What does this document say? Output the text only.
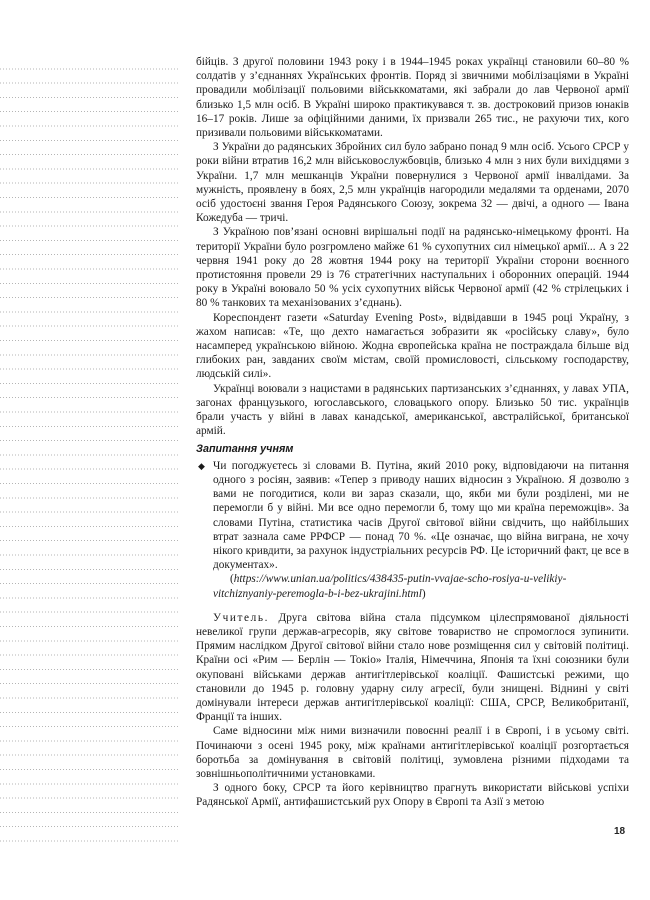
бійців. З другої половини 1943 року і в 1944–1945 роках українці становили 60–80 % солдатів у з’єднаннях Українських фронтів. Поряд зі звичними мобілізаціями в Україні провадили мобілізації польовими військкоматами, які забрали до лав Червоної армії близько 1,5 млн осіб. В Україні широко практикувався т. зв. достроковий призов юнаків 16–17 років. Лише за офіційними даними, їх призвали 265 тис., не рахуючи тих, кого призивали польовими військкоматами.

З України до радянських Збройних сил було забрано понад 9 млн осіб. Усього СРСР у роки війни втратив 16,2 млн військовослужбовців, близько 4 млн з них були вихідцями з України. 1,7 млн мешканців України повернулися з Червоної армії інвалідами. За мужність, проявлену в боях, 2,5 млн українців нагородили медалями та орденами, 2070 осіб удостоєні звання Героя Радянського Союзу, зокрема 32 — двічі, а одного — Івана Кожедуба — тричі.

З Україною пов’язані основні вирішальні події на радянсько-німецькому фронті. На території України було розгромлено майже 61 % сухопутних сил німецької армії... А з 22 червня 1941 року до 28 жовтня 1944 року на території України сторони воєнного протистояння провели 29 із 76 стратегічних наступальних і оборонних операцій. 1944 року в Україні воювало 50 % усіх сухопутних військ Червоної армії (42 % стрілецьких і 80 % танкових та механізованих з’єднань).

Кореспондент газети «Saturday Evening Post», відвідавши в 1945 році Україну, з жахом написав: «Те, що дехто намагається зобразити як «російську славу», було насамперед українською війною. Жодна європейська країна не постраждала більше від глибоких ран, завданих своїм містам, своїй промисловості, сільському господарству, людській силі».

Українці воювали з нацистами в радянських партизанських з’єднаннях, у лавах УПА, загонах французького, югославського, словацького опору. Близько 50 тис. українців брали участь у війні в лавах канадської, американської, австралійської, британської армій.

Запитання учням

◆ Чи погоджуєтесь зі словами В. Путіна, який 2010 року, відповідаючи на питання одного з росіян, заявив: «Тепер з приводу наших відносин з Україною. Я дозволю з вами не погодитися, коли ви зараз сказали, що, якби ми були розділені, ми не перемогли б у війні. Ми все одно перемогли б, тому що ми країна переможців». За словами Путіна, статистика часів Другої світової війни свідчить, що найбільших втрат зазнала саме РРФСР — понад 70 %. «Це означає, що війна виграна, не хочу нікого кривдити, за рахунок індустріальних ресурсів РФ. Це історичний факт, це все в документах».

(https://www.unian.ua/politics/438435-putin-vvajae-scho-rosiya-u-velikiy-vitchiznyaniy-peremogla-b-i-bez-ukrajini.html)

Учитель. Друга світова війна стала підсумком цілеспрямованої діяльності невеликої групи держав-агресорів, яку світове товариство не спромоглося зупинити. Прямим наслідком Другої світової війни стало нове розміщення сил у світовій політиці. Країни осі «Рим — Берлін — Токіо» Італія, Німеччина, Японія та їхні союзники були окупованi військами держав антигітлерівської коаліції. Фашистські режими, що становили до 1945 р. головну ударну силу агресії, були знищені. Віднині у світі домінували інтереси держав антигітлерівської коаліції: США, СРСР, Великобританії, Франції та інших.

Саме відносини між ними визначили повоєнні реалії і в Європі, і в усьому світі. Починаючи з осені 1945 року, між країнами антигітлерівської коаліції розгортається боротьба за домінування в світовій політиці, зумовлена різними підходами та зовнішньополітичними установками.

З одного боку, СРСР та його керівництво прагнуть використати військові успіхи Радянської Армії, антифашистський рух Опору в Європі та Азії з метою

18
